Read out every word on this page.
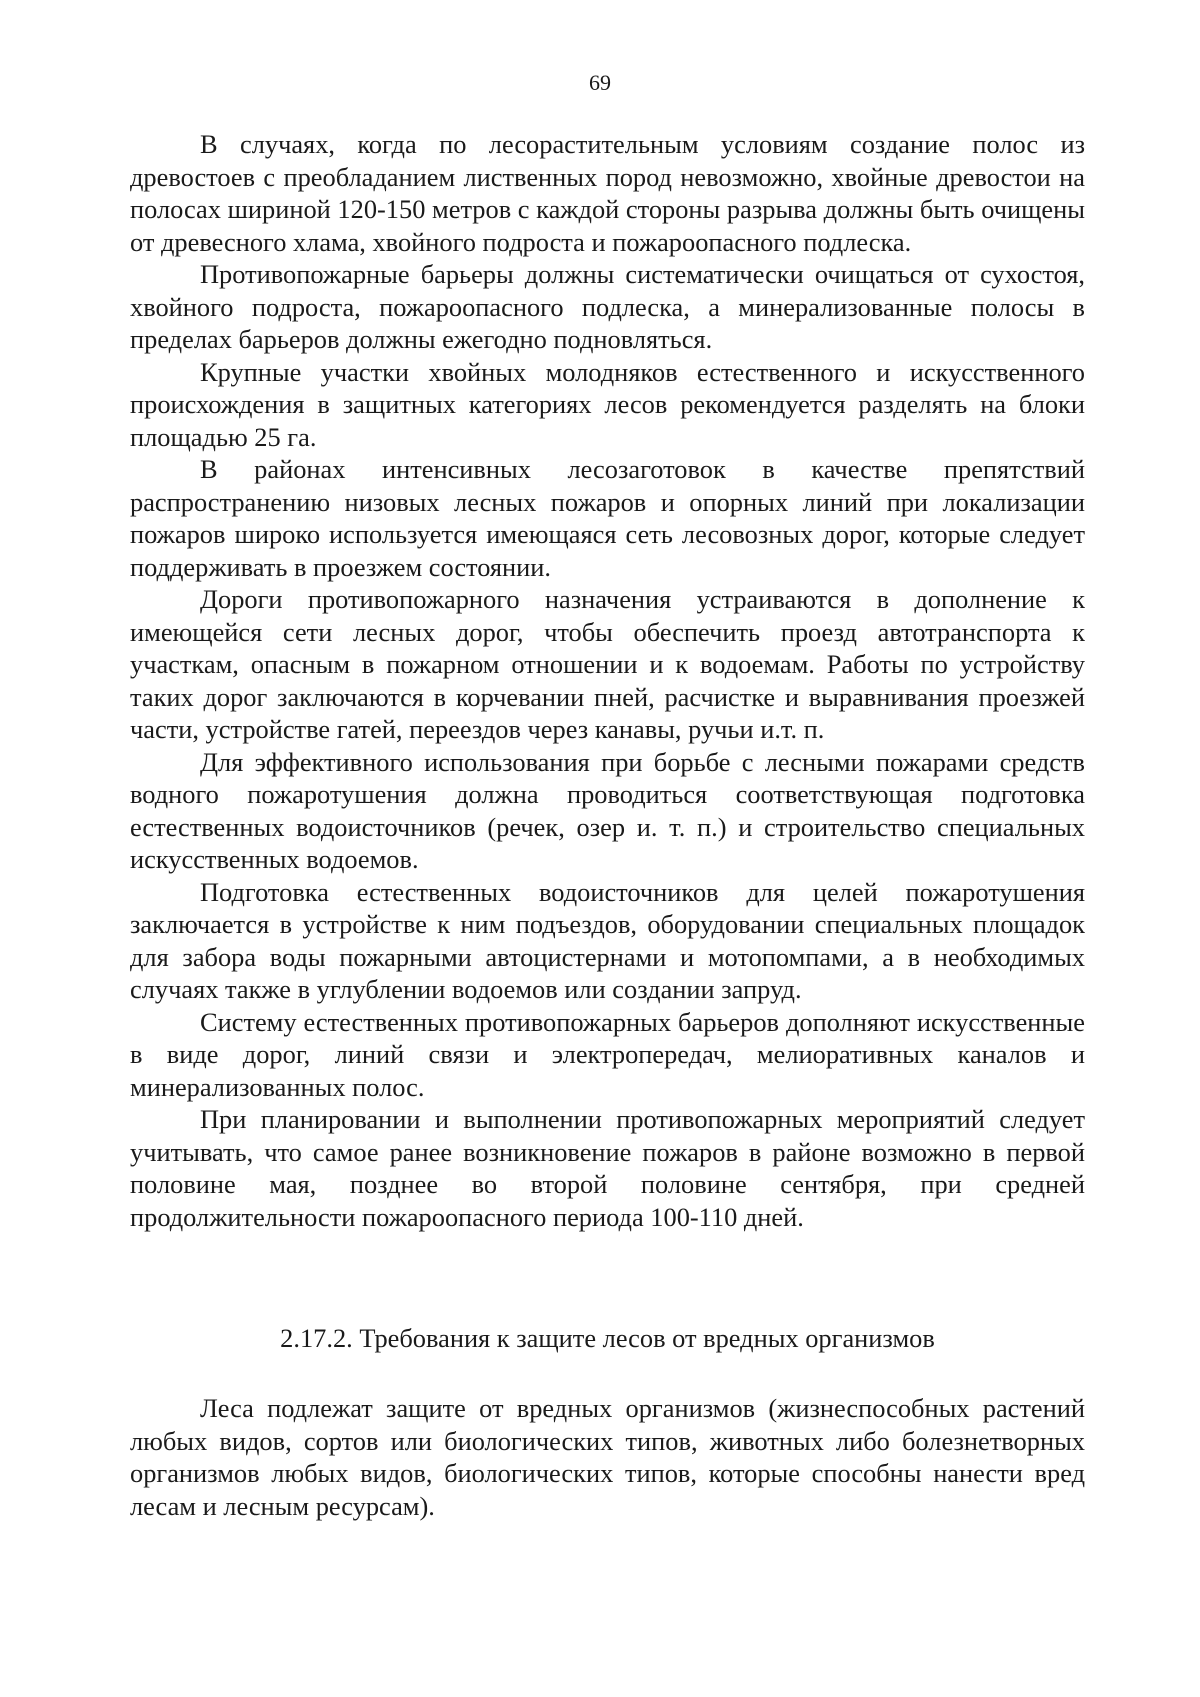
69

В случаях, когда по лесорастительным условиям создание полос из древостоев с преобладанием лиственных пород невозможно, хвойные древостои на полосах шириной 120-150 метров с каждой стороны разрыва должны быть очищены от древесного хлама, хвойного подроста и пожароопасного подлеска.

Противопожарные барьеры должны систематически очищаться от сухостоя, хвойного подроста, пожароопасного подлеска, а минерализованные полосы в пределах барьеров должны ежегодно подновляться.

Крупные участки хвойных молодняков естественного и искусственного происхождения в защитных категориях лесов рекомендуется разделять на блоки площадью 25 га.

В районах интенсивных лесозаготовок в качестве препятствий распространению низовых лесных пожаров и опорных линий при локализации пожаров широко используется имеющаяся сеть лесовозных дорог, которые следует поддерживать в проезжем состоянии.

Дороги противопожарного назначения устраиваются в дополнение к имеющейся сети лесных дорог, чтобы обеспечить проезд автотранспорта к участкам, опасным в пожарном отношении и к водоемам. Работы по устройству таких дорог заключаются в корчевании пней, расчистке и выравнивания проезжей части, устройстве гатей, переездов через канавы, ручьи и.т. п.

Для эффективного использования при борьбе с лесными пожарами средств водного пожаротушения должна проводиться соответствующая подготовка естественных водоисточников (речек, озер и. т. п.) и строительство специальных искусственных водоемов.

Подготовка естественных водоисточников для целей пожаротушения заключается в устройстве к ним подъездов, оборудовании специальных площадок для забора воды пожарными автоцистернами и мотопомпами, а в необходимых случаях также в углублении водоемов или создании запруд.

Систему естественных противопожарных барьеров дополняют искусственные в виде дорог, линий связи и электропередач, мелиоративных каналов и минерализованных полос.

При планировании и выполнении противопожарных мероприятий следует учитывать, что самое ранее возникновение пожаров в районе возможно в первой половине мая, позднее во второй половине сентября, при средней продолжительности пожароопасного периода 100-110 дней.

2.17.2. Требования к защите лесов от вредных организмов

Леса подлежат защите от вредных организмов (жизнеспособных растений любых видов, сортов или биологических типов, животных либо болезнетворных организмов любых видов, биологических типов, которые способны нанести вред лесам и лесным ресурсам).
